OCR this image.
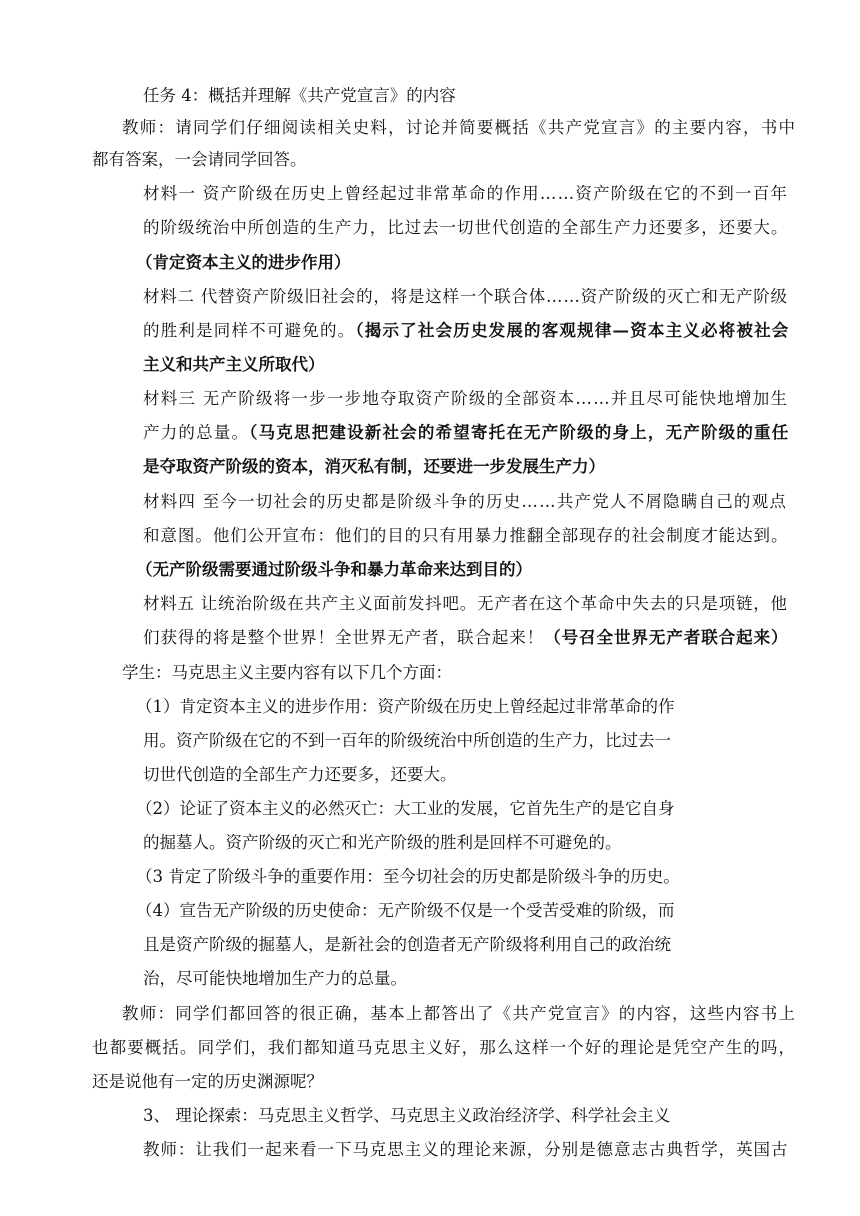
任务 4：概括并理解《共产党宣言》的内容
教师：请同学们仔细阅读相关史料，讨论并简要概括《共产党宣言》的主要内容，书中
都有答案，一会请同学回答。
材料一 资产阶级在历史上曾经起过非常革命的作用……资产阶级在它的不到一百年
的阶级统治中所创造的生产力，比过去一切世代创造的全部生产力还要多，还要大。
（肯定资本主义的进步作用）
材料二 代替资产阶级旧社会的，将是这样一个联合体……资产阶级的灭亡和无产阶级
的胜利是同样不可避免的。（揭示了社会历史发展的客观规律—资本主义必将被社会
主义和共产主义所取代）
材料三 无产阶级将一步一步地夺取资产阶级的全部资本……并且尽可能快地增加生
产力的总量。（马克思把建设新社会的希望寄托在无产阶级的身上，无产阶级的重任
是夺取资产阶级的资本，消灭私有制，还要进一步发展生产力）
材料四 至今一切社会的历史都是阶级斗争的历史……共产党人不屑隐瞒自己的观点
和意图。他们公开宣布：他们的目的只有用暴力推翻全部现存的社会制度才能达到。
（无产阶级需要通过阶级斗争和暴力革命来达到目的）
材料五 让统治阶级在共产主义面前发抖吧。无产者在这个革命中失去的只是项链，他
们获得的将是整个世界！全世界无产者，联合起来！（号召全世界无产者联合起来）
学生：马克思主义主要内容有以下几个方面：
（1）肯定资本主义的进步作用：资产阶级在历史上曾经起过非常革命的作
用。资产阶级在它的不到一百年的阶级统治中所创造的生产力，比过去一
切世代创造的全部生产力还要多，还要大。
（2）论证了资本主义的必然灭亡：大工业的发展，它首先生产的是它自身
的掘墓人。资产阶级的灭亡和光产阶级的胜利是回样不可避免的。
（3 肯定了阶级斗争的重要作用：至今切社会的历史都是阶级斗争的历史。
（4）宣告无产阶级的历史使命：无产阶级不仅是一个受苦受难的阶级，而
且是资产阶级的掘墓人，是新社会的创造者无产阶级将利用自己的政治统
治，尽可能快地增加生产力的总量。
教师：同学们都回答的很正确，基本上都答出了《共产党宣言》的内容，这些内容书上
也都要概括。同学们，我们都知道马克思主义好，那么这样一个好的理论是凭空产生的吗，
还是说他有一定的历史渊源呢？
3、 理论探索：马克思主义哲学、马克思主义政治经济学、科学社会主义
教师：让我们一起来看一下马克思主义的理论来源，分别是德意志古典哲学，英国古
